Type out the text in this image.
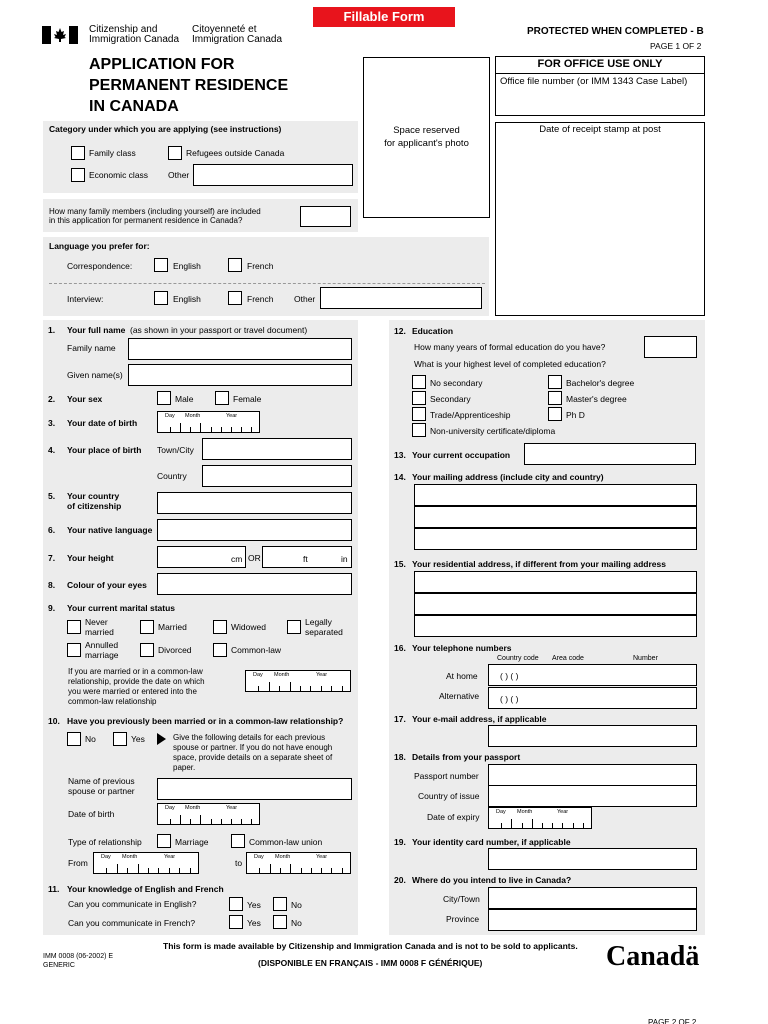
Fillable Form
Citizenship and
Immigration Canada
Citoyenneté et
Immigration Canada
PROTECTED WHEN COMPLETED - B
PAGE 1 OF 2
APPLICATION FOR
PERMANENT RESIDENCE
IN CANADA
Space reserved
for applicant's photo
FOR OFFICE USE ONLY
Office file number (or IMM 1343 Case Label)
Date of receipt stamp at post
Category under which you are applying (see instructions)
Family class	Refugees outside Canada
Economic class Other
How many family members (including yourself) are included
in this application for permanent residence in Canada?
Language you prefer for:
Correspondence:	English	French
Interview:	English	French Other
1. Your full name (as shown in your passport or travel document)
Family name
Given name(s)
2. Your sex	Male	Female
3. Your date of birth
Day Month	Year
4. Your place of birth Town/City
Country
5. Your country
of citizenship
6. Your native language
7. Your height	cm OR	ft	in
8. Colour of your eyes
9. Your current marital status
Never
married	Married	Widowed	Legally
separated
Annulled
marriage	Divorced	Common-law
If you are married or in a common-law
relationship, provide the date on which
you were married or entered into the
common-law relationship
Day Month	Year
10. Have you previously been married or in a common-law relationship?
No	Yes	Give the following details for each previous
spouse or partner. If you do not have enough
space, provide details on a separate sheet of
paper.
Name of previous
spouse or partner
Date of birth
Day Month	Year
Type of relationship	Marriage	Common-law union
From
Day Month	Year
to
Day Month	Year
11. Your knowledge of English and French
Can you communicate in English?	Yes	No
Can you communicate in French?	Yes	No
12. Education
How many years of formal education do you have?
What is your highest level of completed education?
No secondary	Bachelor's degree
Secondary	Master's degree
Trade/Apprenticeship	Ph D
Non-university certificate/diploma
13. Your current occupation
14. Your mailing address (include city and country)
15. Your residential address, if different from your mailing address
16. Your telephone numbers
Country code Area code	Number
At home	( ) ( )
Alternative ( ) ( )
17. Your e-mail address, if applicable
18. Details from your passport
Passport number
Country of issue
Date of expiry	Day Month	Year
19. Your identity card number, if applicable
20. Where do you intend to live in Canada?
City/Town
Province
IMM 0008 (06-2002) E
GENERIC
This form is made available by Citizenship and Immigration Canada and is not to be sold to applicants.
(DISPONIBLE EN FRANÇAIS - IMM 0008 F GÉNÉRIQUE)	Canadä
PAGE 2 OF 2
